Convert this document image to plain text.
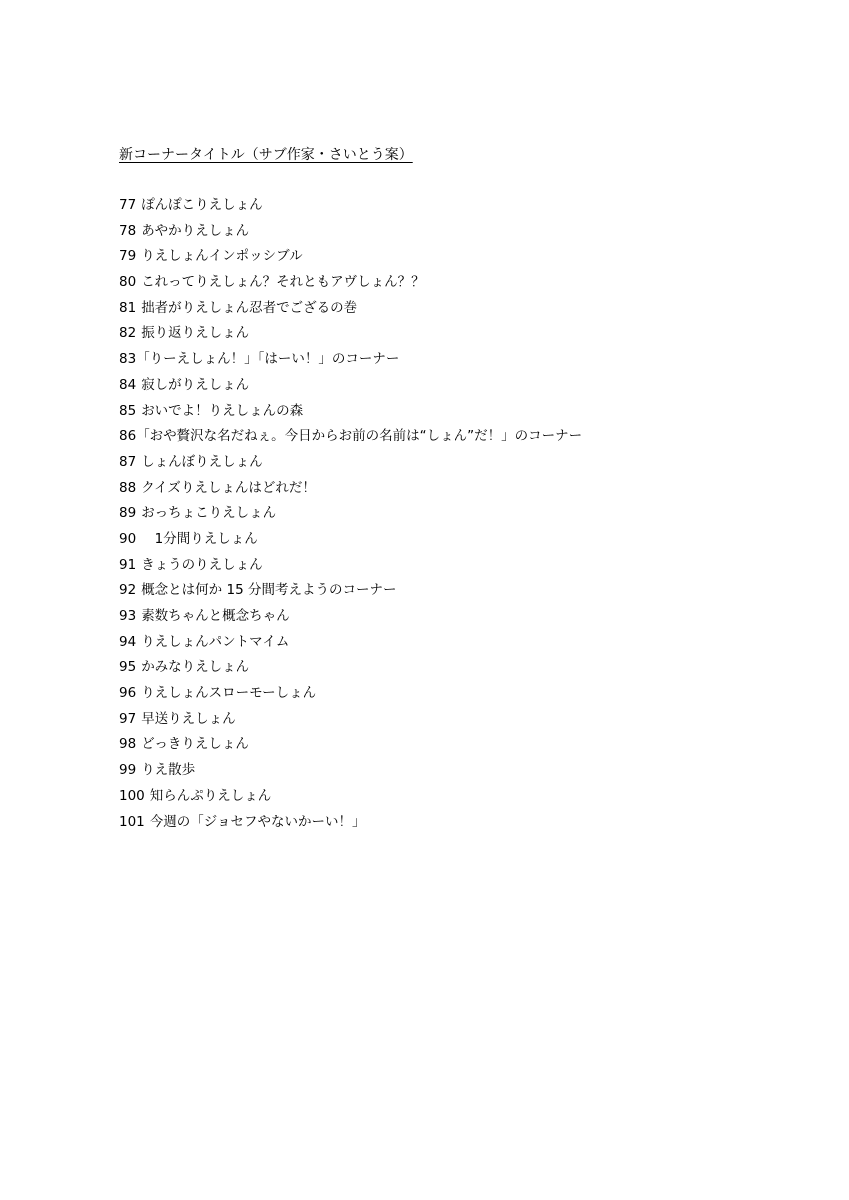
新コーナータイトル（サブ作家・さいとう案）
77 ぽんぽこりえしょん
78 あやかりえしょん
79 りえしょんインポッシブル
80 これってりえしょん？それともアヴしょん？？
81 拙者がりえしょん忍者でござるの巻
82 振り返りえしょん
83「りーえしょん！」「はーい！」のコーナー
84 寂しがりえしょん
85 おいでよ！りえしょんの森
86「おや贅沢な名だねぇ。今日からお前の名前は“しょん”だ！」のコーナー
87 しょんぼりえしょん
88 クイズりえしょんはどれだ！
89 おっちょこりえしょん
90　1分間りえしょん
91 きょうのりえしょん
92 概念とは何か 15 分間考えようのコーナー
93 素数ちゃんと概念ちゃん
94 りえしょんパントマイム
95 かみなりえしょん
96 りえしょんスローモーしょん
97 早送りえしょん
98 どっきりえしょん
99 りえ散歩
100 知らんぷりえしょん
101 今週の「ジョセフやないかーい！」
